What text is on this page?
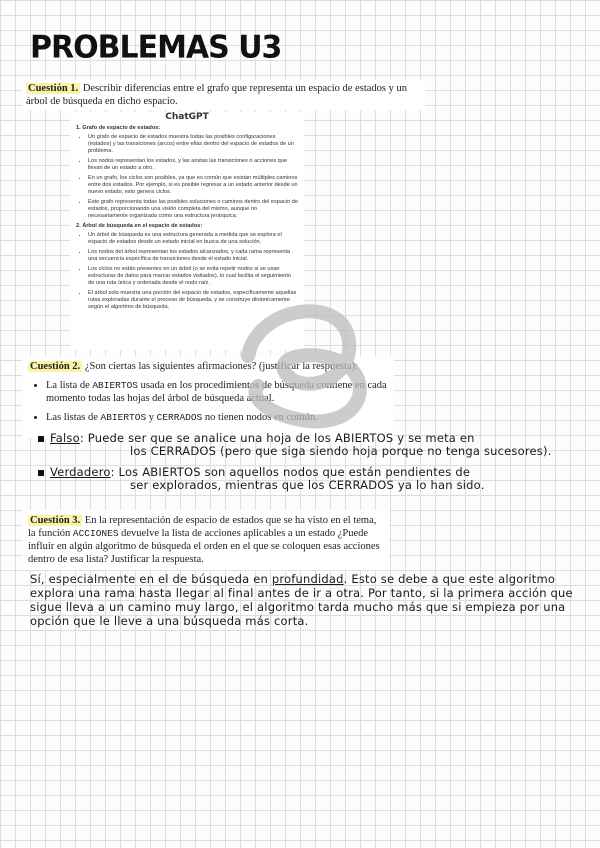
PROBLEMAS U3
Cuestión 1. Describir diferencias entre el grafo que representa un espacio de estados y un árbol de búsqueda en dicho espacio.
ChatGPT
1. Grafo de espacio de estados:
• Un grafo de espacio de estados muestra todas las posibles configuraciones (estados) y las transiciones (arcos) entre ellas dentro del espacio de estados de un problema.
• Los nodos representan los estados, y las aristas las transiciones o acciones que llevan de un estado a otro.
• En un grafo, los ciclos son posibles, ya que es común que existan múltiples caminos entre dos estados. Por ejemplo, si es posible regresar a un estado anterior desde un nuevo estado, esto genera ciclos.
• Este grafo representa todas las posibles soluciones o caminos dentro del espacio de estados, proporcionando una visión completa del mismo, aunque no necesariamente organizada como una estructura jerárquica.
2. Árbol de búsqueda en el espacio de estados:
• Un árbol de búsqueda es una estructura generada a medida que se explora el espacio de estados desde un estado inicial en busca de una solución.
• Los nodos del árbol representan los estados alcanzados, y cada rama representa una secuencia específica de transiciones desde el estado inicial.
• Los ciclos no están presentes en un árbol (o se evita repetir nodos si se usan estructuras de datos para marcar estados visitados), lo cual facilita el seguimiento de una ruta única y ordenada desde el nodo raíz.
• El árbol solo muestra una porción del espacio de estados, específicamente aquellas rutas exploradas durante el proceso de búsqueda, y se construye dinámicamente según el algoritmo de búsqueda.
Cuestión 2. ¿Son ciertas las siguientes afirmaciones? (justificar la respuesta):
• La lista de ABIERTOS usada en los procedimientos de búsqueda contiene en cada momento todas las hojas del árbol de búsqueda actual.
• Las listas de ABIERTOS y CERRADOS no tienen nodos en común.
Falso: Puede ser que se analice una hoja de los ABIERTOS y se meta en
los CERRADOS (pero que siga siendo hoja porque no tenga sucesores).
Verdadero: Los ABIERTOS son aquellos nodos que están pendientes de
ser explorados, mientras que los CERRADOS ya lo han sido.
Cuestión 3. En la representación de espacio de estados que se ha visto en el tema, la función ACCIONES devuelve la lista de acciones aplicables a un estado ¿Puede influir en algún algoritmo de búsqueda el orden en el que se coloquen esas acciones dentro de esa lista? Justificar la respuesta.
Sí, especialmente en el de búsqueda en profundidad. Esto se debe a que este algoritmo explora una rama hasta llegar al final antes de ir a otra. Por tanto, si la primera acción que sigue lleva a un camino muy largo, el algoritmo tarda mucho más que si empieza por una opción que le lleve a una búsqueda más corta.
